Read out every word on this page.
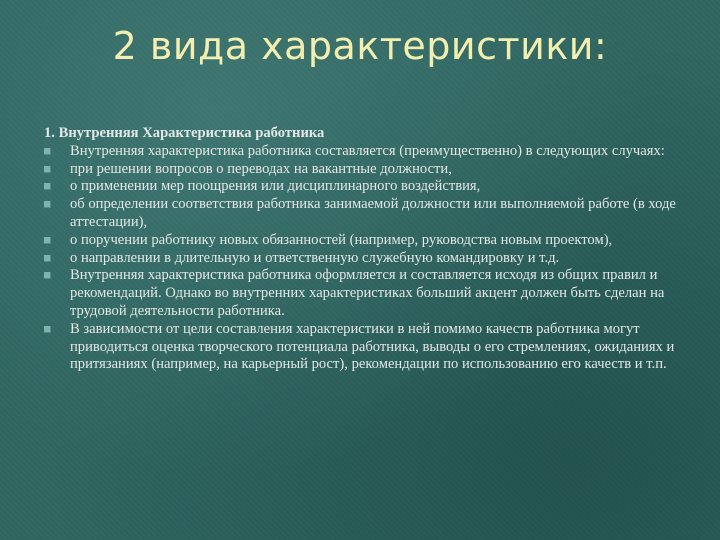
2 вида характеристики:
1. Внутренняя Характеристика работника
Внутренняя характеристика работника составляется (преимущественно) в следующих случаях:
при решении вопросов о переводах на вакантные должности,
о применении мер поощрения или дисциплинарного воздействия,
об определении соответствия работника занимаемой должности или выполняемой работе (в ходе аттестации),
о поручении работнику новых обязанностей (например, руководства новым проектом),
о направлении в длительную и ответственную служебную командировку и т.д.
Внутренняя характеристика работника оформляется и составляется исходя из общих правил и рекомендаций. Однако во внутренних характеристиках больший акцент должен быть сделан на трудовой деятельности работника.
В зависимости от цели составления характеристики в ней помимо качеств работника могут приводиться оценка творческого потенциала работника, выводы о его стремлениях, ожиданиях и притязаниях (например, на карьерный рост), рекомендации по использованию его качеств и т.п.
